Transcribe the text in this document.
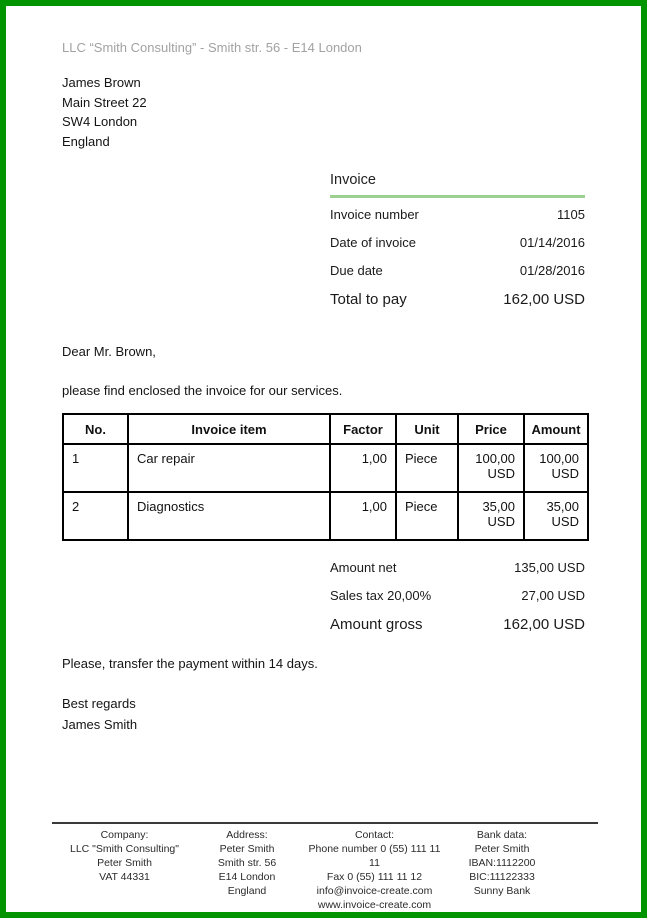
LLC “Smith Consulting” - Smith str. 56 - E14 London
James Brown
Main Street 22
SW4 London
England
Invoice
Invoice number	1105
Date of invoice	01/14/2016
Due date	01/28/2016
Total to pay	162,00 USD
Dear Mr. Brown,
please find enclosed the invoice for our services.
No.	Invoice item	Factor	Unit	Price	Amount
1	Car repair	1,00	Piece	100,00 USD	100,00 USD
2	Diagnostics	1,00	Piece	35,00 USD	35,00 USD
Amount net	135,00 USD
Sales tax 20,00%	27,00 USD
Amount gross	162,00 USD
Please, transfer the payment within 14 days.
Best regards
James Smith
Company:
LLC "Smith Consulting"
Peter Smith
VAT 44331
Address:
Peter Smith
Smith str. 56
E14 London
England
Contact:
Phone number 0 (55) 111 11 11
Fax 0 (55) 111 11 12
info@invoice-create.com
www.invoice-create.com
Bank data:
Peter Smith
IBAN:1112200
BIC:11122333
Sunny Bank
